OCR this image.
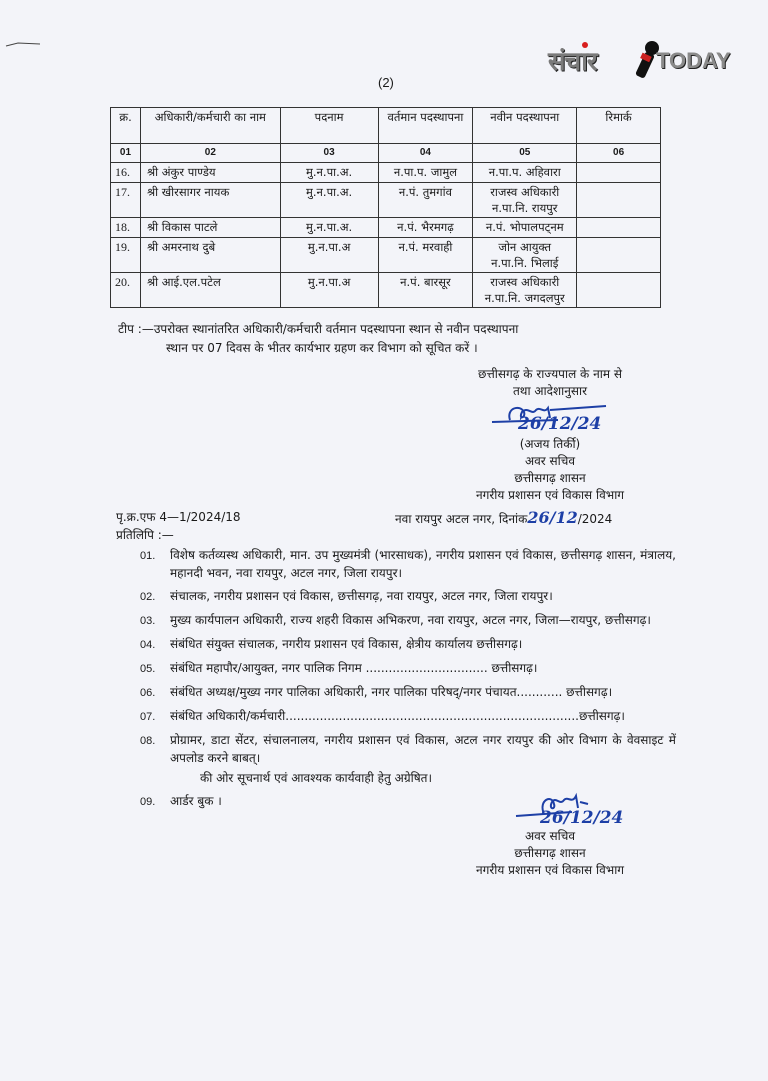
संचार	TODAY
(2)
क्र.	अधिकारी/कर्मचारी का नाम	पदनाम	वर्तमान पदस्थापना	नवीन पदस्थापना	रिमार्क
01	02	03	04	05	06
16.	श्री अंकुर पाण्डेय	मु.न.पा.अ.	न.पा.प. जामुल	न.पा.प. अहिवारा	
17.	श्री खीरसागर नायक	मु.न.पा.अ.	न.पं. तुमगांव	राजस्व अधिकारी
न.पा.नि. रायपुर	

18.	श्री विकास पाटले	मु.न.पा.अ.	न.पं. भैरमगढ़	न.पं. भोपालपट्नम	
19.	श्री अमरनाथ दुबे	मु.न.पा.अ	न.पं. मरवाही	जोन आयुक्त
न.पा.नि. भिलाई	

20.	श्री आई.एल.पटेल	मु.न.पा.अ	न.पं. बारसूर	राजस्व अधिकारी
न.पा.नि. जगदलपुर	

टीप :—उपरोक्त स्थानांतरित अधिकारी/कर्मचारी वर्तमान पदस्थापना स्थान से नवीन पदस्थापना
स्थान पर 07 दिवस के भीतर कार्यभार ग्रहण कर विभाग को सूचित करें ।
छत्तीसगढ़ के राज्यपाल के नाम से
तथा आदेशानुसार
26/12/24
(अजय तिर्की)
अवर सचिव
छत्तीसगढ़ शासन
नगरीय प्रशासन एवं विकास विभाग
पृ.क्र.एफ 4—1/2024/18	नवा रायपुर अटल नगर, दिनांक26/12/2024
प्रतिलिपि :—
01.	विशेष कर्तव्यस्थ अधिकारी, मान. उप मुख्यमंत्री (भारसाधक), नगरीय प्रशासन एवं विकास, छत्तीसगढ़ शासन, मंत्रालय, महानदी भवन, नवा रायपुर, अटल नगर, जिला रायपुर।
02.	संचालक, नगरीय प्रशासन एवं विकास, छत्तीसगढ़, नवा रायपुर, अटल नगर, जिला रायपुर।
03.	मुख्य कार्यपालन अधिकारी, राज्य शहरी विकास अभिकरण, नवा रायपुर, अटल नगर, जिला—रायपुर, छत्तीसगढ़।
04.	संबंधित संयुक्त संचालक, नगरीय प्रशासन एवं विकास, क्षेत्रीय कार्यालय छत्तीसगढ़।
05.	संबंधित महापौर/आयुक्त, नगर पालिक निगम ................................ छत्तीसगढ़।
06.	संबंधित अध्यक्ष/मुख्य नगर पालिका अधिकारी, नगर पालिका परिषद्/नगर पंचायत............ छत्तीसगढ़।
07.	संबंधित अधिकारी/कर्मचारी.............................................................................छत्तीसगढ़।
08.	प्रोग्रामर, डाटा सेंटर, संचालनालय, नगरीय प्रशासन एवं विकास, अटल नगर रायपुर की ओर विभाग के वेवसाइट में अपलोड करने बाबत्।
की ओर सूचनार्थ एवं आवश्यक कार्यवाही हेतु अग्रेषित।
09.	आर्डर बुक ।
26/12/24
अवर सचिव
छत्तीसगढ़ शासन
नगरीय प्रशासन एवं विकास विभाग
